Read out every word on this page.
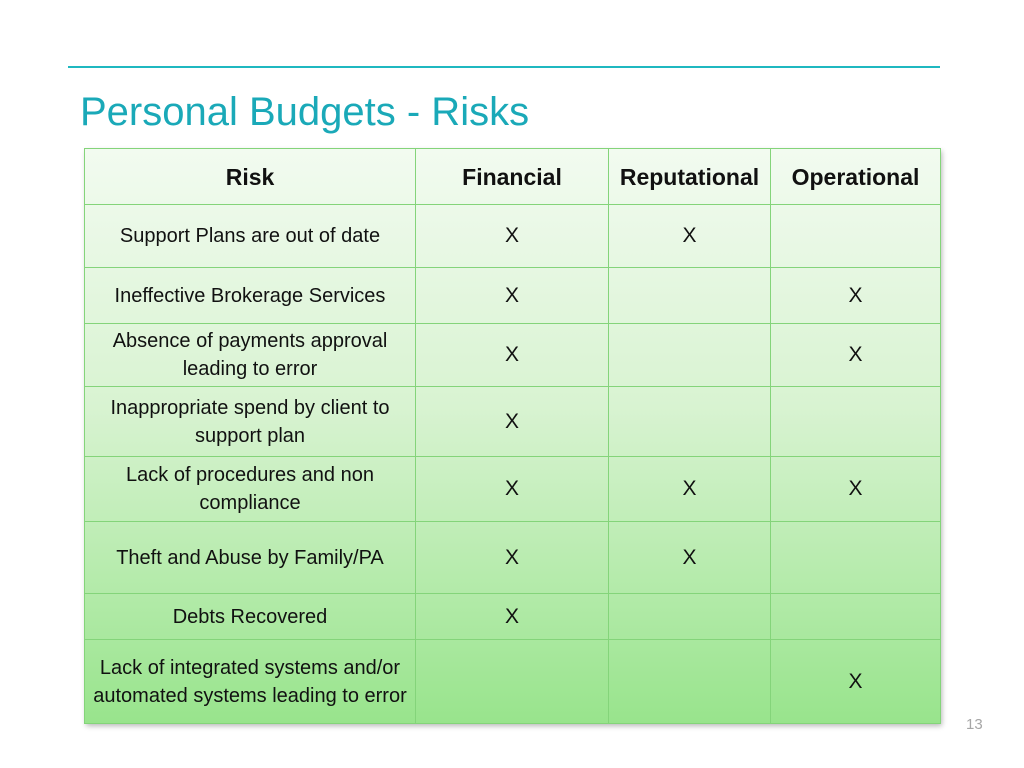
Personal Budgets - Risks
Risk	Financial	Reputational	Operational
Support Plans are out of date	X	X	
Ineffective Brokerage Services	X		X
Absence of payments approval leading to error	X		X
Inappropriate spend by client to support plan	X		
Lack of procedures and non compliance	X	X	X
Theft and Abuse by Family/PA	X	X	
Debts Recovered	X		
Lack of integrated systems and/or automated systems leading to error			X
13
